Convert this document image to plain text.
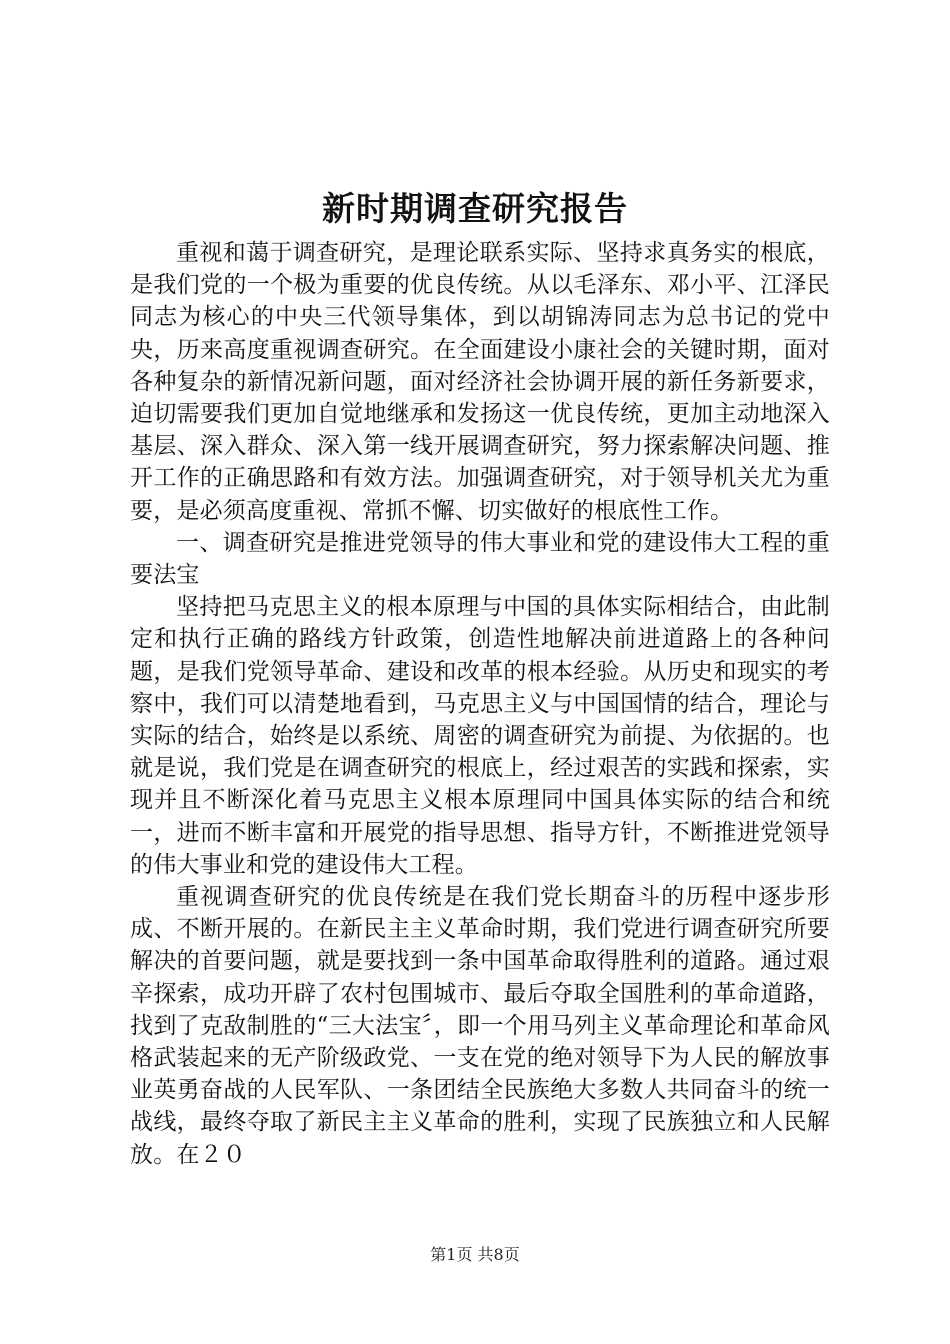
新时期调查研究报告

重视和蔼于调查研究，是理论联系实际、坚持求真务实的根底，是我们党的一个极为重要的优良传统。从以毛泽东、邓小平、江泽民同志为核心的中央三代领导集体，到以胡锦涛同志为总书记的党中央，历来高度重视调查研究。在全面建设小康社会的关键时期，面对各种复杂的新情况新问题，面对经济社会协调开展的新任务新要求，迫切需要我们更加自觉地继承和发扬这一优良传统，更加主动地深入基层、深入群众、深入第一线开展调查研究，努力探索解决问题、推开工作的正确思路和有效方法。加强调查研究，对于领导机关尤为重要，是必须高度重视、常抓不懈、切实做好的根底性工作。

一、调查研究是推进党领导的伟大事业和党的建设伟大工程的重要法宝

坚持把马克思主义的根本原理与中国的具体实际相结合，由此制定和执行正确的路线方针政策，创造性地解决前进道路上的各种问题，是我们党领导革命、建设和改革的根本经验。从历史和现实的考察中，我们可以清楚地看到，马克思主义与中国国情的结合，理论与实际的结合，始终是以系统、周密的调查研究为前提、为依据的。也就是说，我们党是在调查研究的根底上，经过艰苦的实践和探索，实现并且不断深化着马克思主义根本原理同中国具体实际的结合和统一，进而不断丰富和开展党的指导思想、指导方针，不断推进党领导的伟大事业和党的建设伟大工程。

重视调查研究的优良传统是在我们党长期奋斗的历程中逐步形成、不断开展的。在新民主主义革命时期，我们党进行调查研究所要解决的首要问题，就是要找到一条中国革命取得胜利的道路。通过艰辛探索，成功开辟了农村包围城市、最后夺取全国胜利的革命道路，找到了克敌制胜的“三大法宝〞，即一个用马列主义革命理论和革命风格武装起来的无产阶级政党、一支在党的绝对领导下为人民的解放事业英勇奋战的人民军队、一条团结全民族绝大多数人共同奋斗的统一战线，最终夺取了新民主主义革命的胜利，实现了民族独立和人民解放。在２０

第1页 共8页
